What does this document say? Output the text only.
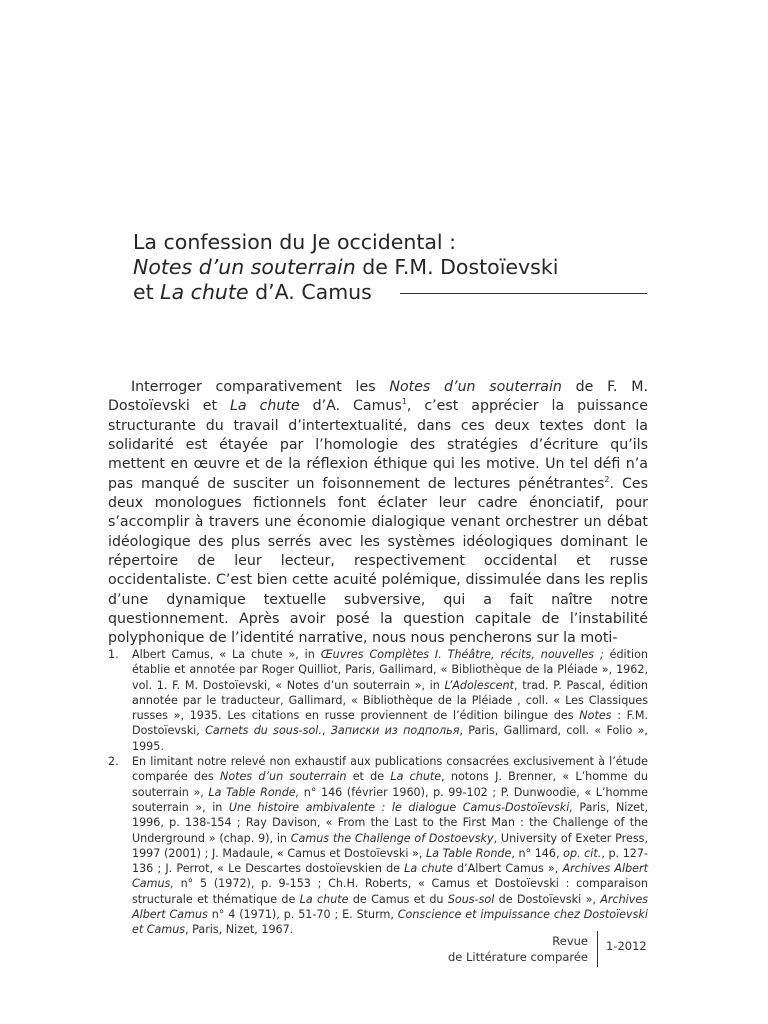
La confession du Je occidental :
Notes d’un souterrain de F.M. Dostoïevski
et La chute d’A. Camus

Interroger comparativement les Notes d’un souterrain de F. M. Dostoïevski et La chute d’A. Camus$^1$, c’est apprécier la puissance structurante du travail d’intertextualité, dans ces deux textes dont la solidarité est étayée par l’homologie des stratégies d’écriture qu’ils mettent en œuvre et de la réflexion éthique qui les motive. Un tel défi n’a pas manqué de susciter un foisonnement de lectures pénétrantes$^2$. Ces deux monologues fictionnels font éclater leur cadre énonciatif, pour s’accomplir à travers une économie dialogique venant orchestrer un débat idéologique des plus serrés avec les systèmes idéologiques dominant le répertoire de leur lecteur, respectivement occidental et russe occidentaliste. C’est bien cette acuité polémique, dissimulée dans les replis d’une dynamique textuelle subversive, qui a fait naître notre questionnement. Après avoir posé la question capitale de l’instabilité polyphonique de l’identité narrative, nous nous pencherons sur la moti-

1. Albert Camus, « La chute », in Œuvres Complètes I. Théâtre, récits, nouvelles ; édition établie et annotée par Roger Quilliot, Paris, Gallimard, « Bibliothèque de la Pléiade », 1962, vol. 1. F. M. Dostoïevski, « Notes d’un souterrain », in L’Adolescent, trad. P. Pascal, édition annotée par le traducteur, Gallimard, « Bibliothèque de la Pléiade , coll. « Les Classiques russes », 1935. Les citations en russe proviennent de l’édition bilingue des Notes : F.M. Dostoïevski, Carnets du sous-sol., Записки из подполья, Paris, Gallimard, coll. « Folio », 1995.

2. En limitant notre relevé non exhaustif aux publications consacrées exclusivement à l’étude comparée des Notes d’un souterrain et de La chute, notons J. Brenner, « L’homme du souterrain », La Table Ronde, n° 146 (février 1960), p. 99-102 ; P. Dunwoodie, « L’homme souterrain », in Une histoire ambivalente : le dialogue Camus-Dostoïevski, Paris, Nizet, 1996, p. 138-154 ; Ray Davison, « From the Last to the First Man : the Challenge of the Underground » (chap. 9), in Camus the Challenge of Dostoevsky, University of Exeter Press, 1997 (2001) ; J. Madaule, « Camus et Dostoïevski », La Table Ronde, n° 146, op. cit., p. 127-136 ; J. Perrot, « Le Descartes dostoïevskien de La chute d’Albert Camus », Archives Albert Camus, n° 5 (1972), p. 9-153 ; Ch.H. Roberts, « Camus et Dostoïevski : comparaison structurale et thématique de La chute de Camus et du Sous-sol de Dostoïevski », Archives Albert Camus n° 4 (1971), p. 51-70 ; E. Sturm, Conscience et impuissance chez Dostoïevski et Camus, Paris, Nizet, 1967.

Revue
de Littérature comparée
1-2012
